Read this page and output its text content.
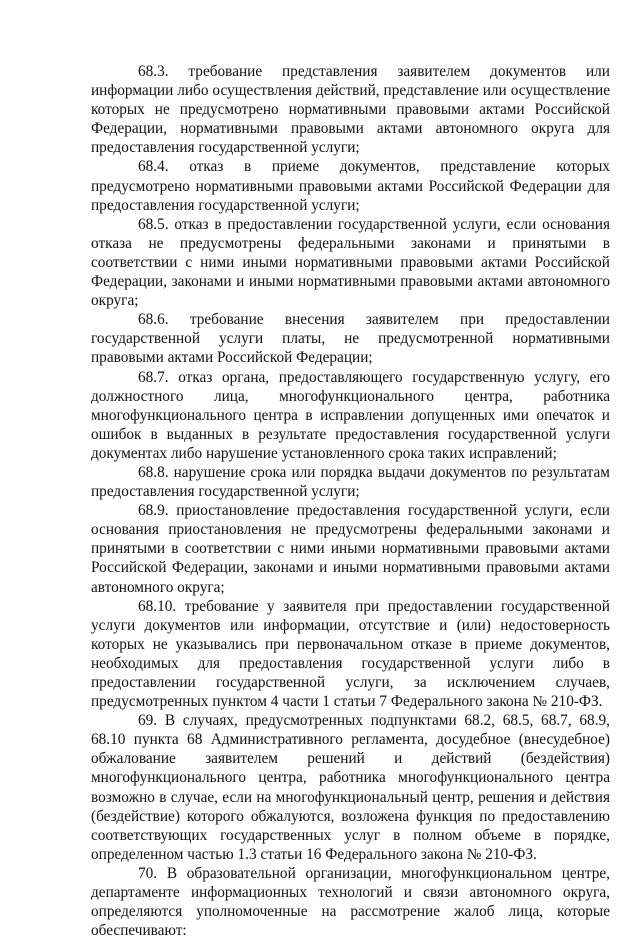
68.3. требование представления заявителем документов или информации либо осуществления действий, представление или осуществление которых не предусмотрено нормативными правовыми актами Российской Федерации, нормативными правовыми актами автономного округа для предоставления государственной услуги;

68.4. отказ в приеме документов, представление которых предусмотрено нормативными правовыми актами Российской Федерации для предоставления государственной услуги;

68.5. отказ в предоставлении государственной услуги, если основания отказа не предусмотрены федеральными законами и принятыми в соответствии с ними иными нормативными правовыми актами Российской Федерации, законами и иными нормативными правовыми актами автономного округа;

68.6. требование внесения заявителем при предоставлении государственной услуги платы, не предусмотренной нормативными правовыми актами Российской Федерации;

68.7. отказ органа, предоставляющего государственную услугу, его должностного лица, многофункционального центра, работника многофункционального центра в исправлении допущенных ими опечаток и ошибок в выданных в результате предоставления государственной услуги документах либо нарушение установленного срока таких исправлений;

68.8. нарушение срока или порядка выдачи документов по результатам предоставления государственной услуги;

68.9. приостановление предоставления государственной услуги, если основания приостановления не предусмотрены федеральными законами и принятыми в соответствии с ними иными нормативными правовыми актами Российской Федерации, законами и иными нормативными правовыми актами автономного округа;

68.10. требование у заявителя при предоставлении государственной услуги документов или информации, отсутствие и (или) недостоверность которых не указывались при первоначальном отказе в приеме документов, необходимых для предоставления государственной услуги либо в предоставлении государственной услуги, за исключением случаев, предусмотренных пунктом 4 части 1 статьи 7 Федерального закона № 210-ФЗ.

69. В случаях, предусмотренных подпунктами 68.2, 68.5, 68.7, 68.9, 68.10 пункта 68 Административного регламента, досудебное (внесудебное) обжалование заявителем решений и действий (бездействия) многофункционального центра, работника многофункционального центра возможно в случае, если на многофункциональный центр, решения и действия (бездействие) которого обжалуются, возложена функция по предоставлению соответствующих государственных услуг в полном объеме в порядке, определенном частью 1.3 статьи 16 Федерального закона № 210-ФЗ.

70. В образовательной организации, многофункциональном центре, департаменте информационных технологий и связи автономного округа, определяются уполномоченные на рассмотрение жалоб лица, которые обеспечивают:
